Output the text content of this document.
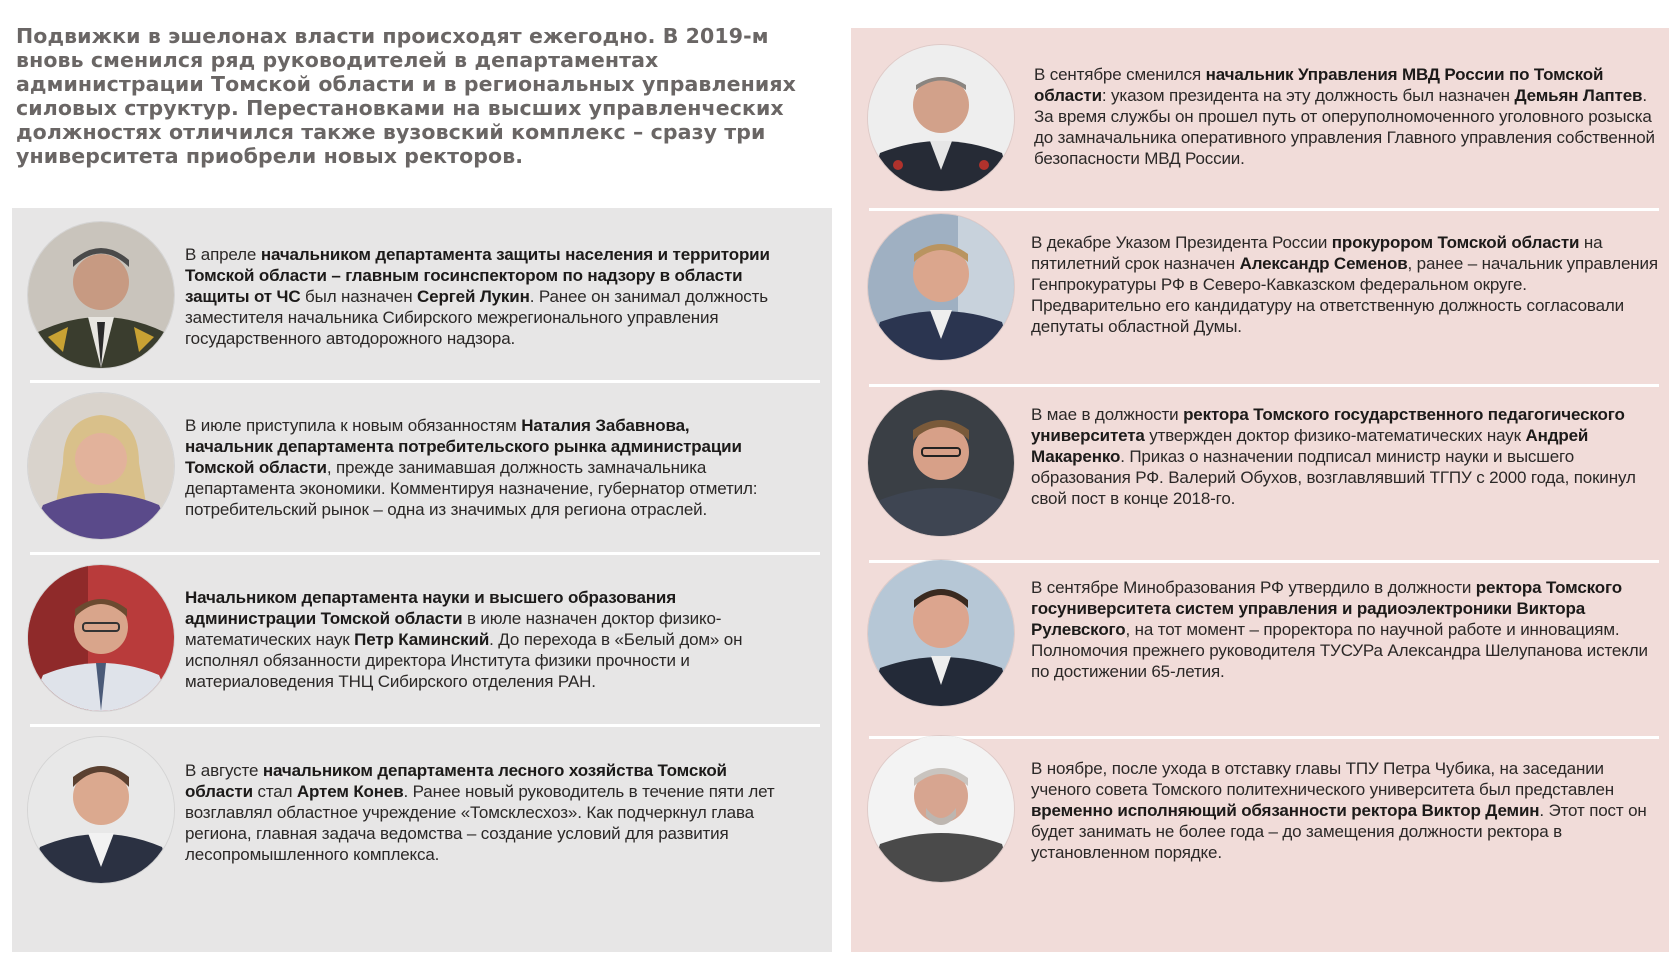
Подвижки в эшелонах власти происходят ежегодно. В 2019-м вновь сменился ряд руководителей в департаментах администрации Томской области и в региональных управлениях силовых структур. Перестановками на высших управленческих должностях отличился также вузовский комплекс – сразу три университета приобрели новых ректоров.
В апреле начальником департамента защиты населения и территории Томской области – главным госинспектором по надзору в области защиты от ЧС был назначен Сергей Лукин. Ранее он занимал должность заместителя начальника Сибирского межрегионального управления государственного автодорожного надзора.
В июле приступила к новым обязанностям Наталия Забавнова, начальник департамента потребительского рынка администрации Томской области, прежде занимавшая должность замначальника департамента экономики. Комментируя назначение, губернатор отметил: потребительский рынок – одна из значимых для региона отраслей.
Начальником департамента науки и высшего образования администрации Томской области в июле назначен доктор физико-математических наук Петр Каминский. До перехода в «Белый дом» он исполнял обязанности директора Института физики прочности и материаловедения ТНЦ Сибирского отделения РАН.
В августе начальником департамента лесного хозяйства Томской области стал Артем Конев. Ранее новый руководитель в течение пяти лет возглавлял областное учреждение «Томсклесхоз». Как подчеркнул глава региона, главная задача ведомства – создание условий для развития лесопромышленного комплекса.
В сентябре сменился начальник Управления МВД России по Томской области: указом президента на эту должность был назначен Демьян Лаптев. За время службы он прошел путь от оперуполномоченного уголовного розыска до замначальника оперативного управления Главного управления собственной безопасности МВД России.
В декабре Указом Президента России прокурором Томской области на пятилетний срок назначен Александр Семенов, ранее – начальник управления Генпрокуратуры РФ в Северо-Кавказском федеральном округе. Предварительно его кандидатуру на ответственную должность согласовали депутаты областной Думы.
В мае в должности ректора Томского государственного педагогического университета утвержден доктор физико-математических наук Андрей Макаренко. Приказ о назначении подписал министр науки и высшего образования РФ. Валерий Обухов, возглавлявший ТГПУ с 2000 года, покинул свой пост в конце 2018-го.
В сентябре Минобразования РФ утвердило в должности ректора Томского госуниверситета систем управления и радиоэлектроники Виктора Рулевского, на тот момент – проректора по научной работе и инновациям. Полномочия прежнего руководителя ТУСУРа Александра Шелупанова истекли по достижении 65-летия.
В ноябре, после ухода в отставку главы ТПУ Петра Чубика, на заседании ученого совета Томского политехнического университета был представлен временно исполняющий обязанности ректора Виктор Демин. Этот пост он будет занимать не более года – до замещения должности ректора в установленном порядке.
